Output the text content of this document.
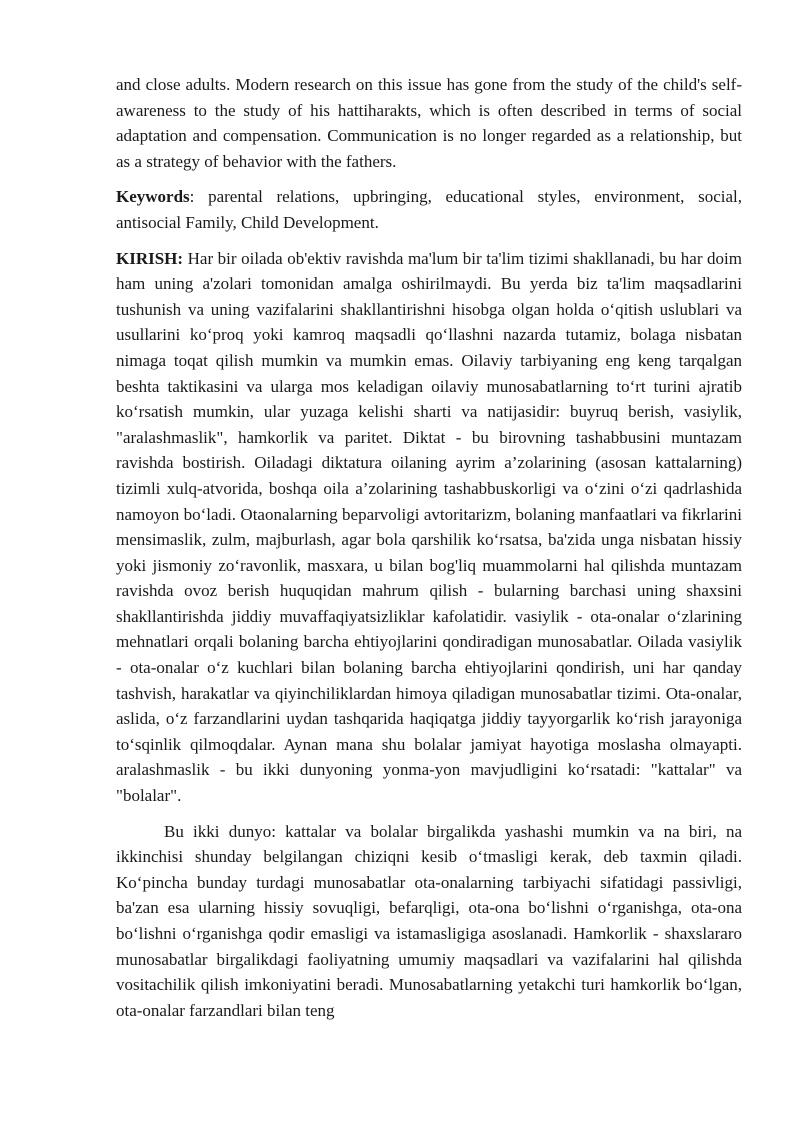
and close adults. Modern research on this issue has gone from the study of the child's self-awareness to the study of his hattiharakts, which is often described in terms of social adaptation and compensation. Communication is no longer regarded as a relationship, but as a strategy of behavior with the fathers.

Keywords: parental relations, upbringing, educational styles, environment, social, antisocial Family, Child Development.

KIRISH: Har bir oilada ob'ektiv ravishda ma'lum bir ta'lim tizimi shakllanadi, bu har doim ham uning a'zolari tomonidan amalga oshirilmaydi. Bu yerda biz ta'lim maqsadlarini tushunish va uning vazifalarini shakllantirishni hisobga olgan holda o‘qitish uslublari va usullarini ko‘proq yoki kamroq maqsadli qo‘llashni nazarda tutamiz, bolaga nisbatan nimaga toqat qilish mumkin va mumkin emas. Oilaviy tarbiyaning eng keng tarqalgan beshta taktikasini va ularga mos keladigan oilaviy munosabatlarning to‘rt turini ajratib ko‘rsatish mumkin, ular yuzaga kelishi sharti va natijasidir: buyruq berish, vasiylik, "aralashmaslik", hamkorlik va paritet. Diktat - bu birovning tashabbusini muntazam ravishda bostirish. Oiladagi diktatura oilaning ayrim a’zolarining (asosan kattalarning) tizimli xulq-atvorida, boshqa oila a’zolarining tashabbuskorligi va o‘zini o‘zi qadrlashida namoyon bo‘ladi. Otaonalarning beparvoligi avtoritarizm, bolaning manfaatlari va fikrlarini mensimaslik, zulm, majburlash, agar bola qarshilik ko‘rsatsa, ba'zida unga nisbatan hissiy yoki jismoniy zo‘ravonlik, masxara, u bilan bog'liq muammolarni hal qilishda muntazam ravishda ovoz berish huquqidan mahrum qilish - bularning barchasi uning shaxsini shakllantirishda jiddiy muvaffaqiyatsizliklar kafolatidir. vasiylik - ota-onalar o‘zlarining mehnatlari orqali bolaning barcha ehtiyojlarini qondiradigan munosabatlar. Oilada vasiylik - ota-onalar o‘z kuchlari bilan bolaning barcha ehtiyojlarini qondirish, uni har qanday tashvish, harakatlar va qiyinchiliklardan himoya qiladigan munosabatlar tizimi. Ota-onalar, aslida, o‘z farzandlarini uydan tashqarida haqiqatga jiddiy tayyorgarlik ko‘rish jarayoniga to‘sqinlik qilmoqdalar. Aynan mana shu bolalar jamiyat hayotiga moslasha olmayapti. aralashmaslik - bu ikki dunyoning yonma-yon mavjudligini ko‘rsatadi: "kattalar" va "bolalar".

Bu ikki dunyo: kattalar va bolalar birgalikda yashashi mumkin va na biri, na ikkinchisi shunday belgilangan chiziqni kesib o‘tmasligi kerak, deb taxmin qiladi. Ko‘pincha bunday turdagi munosabatlar ota-onalarning tarbiyachi sifatidagi passivligi, ba'zan esa ularning hissiy sovuqligi, befarqligi, ota-ona bo‘lishni o‘rganishga, ota-ona bo‘lishni o‘rganishga qodir emasligi va istamasligiga asoslanadi. Hamkorlik - shaxslararo munosabatlar birgalikdagi faoliyatning umumiy maqsadlari va vazifalarini hal qilishda vositachilik qilish imkoniyatini beradi. Munosabatlarning yetakchi turi hamkorlik bo‘lgan, ota-onalar farzandlari bilan teng
